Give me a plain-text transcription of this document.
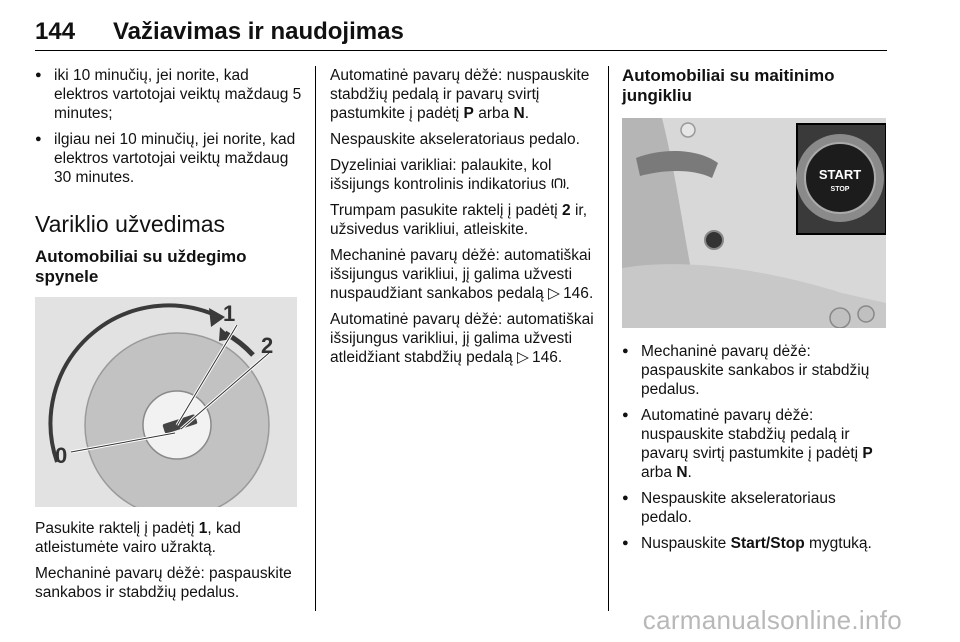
144 Važiavimas ir naudojimas
● iki 10 minučių, jei norite, kad elektros vartotojai veiktų maždaug 5 minutes;
● ilgiau nei 10 minučių, jei norite, kad elektros vartotojai veiktų maždaug 30 minutes.
Variklio užvedimas
Automobiliai su uždegimo spynele
0
1
2

Pasukite raktelį į padėtį 1, kad atleistumėte vairo užraktą.

Mechaninė pavarų dėžė: paspauskite sankabos ir stabdžių pedalus.

Automatinė pavarų dėžė: nuspauskite stabdžių pedalą ir pavarų svirtį pastumkite į padėtį P arba N.

Nespauskite akseleratoriaus pedalo.

Dyzeliniai varikliai: palaukite, kol išsijungs kontrolinis indikatorius .

Trumpam pasukite raktelį į padėtį 2 ir, užsivedus varikliui, atleiskite.

Mechaninė pavarų dėžė: automatiškai išsijungus varikliui, jį galima užvesti nuspaudžiant sankabos pedalą ▷  146.

Automatinė pavarų dėžė: automatiškai išsijungus varikliui, jį galima užvesti atleidžiant stabdžių pedalą ▷  146.

Automobiliai su maitinimo jungikliu
START
STOP
● Mechaninė pavarų dėžė: paspauskite sankabos ir stabdžių pedalus.
● Automatinė pavarų dėžė: nuspauskite stabdžių pedalą ir pavarų svirtį pastumkite į padėtį P arba N.
● Nespauskite akseleratoriaus pedalo.
● Nuspauskite Start/Stop mygtuką.
carmanualsonline.info
